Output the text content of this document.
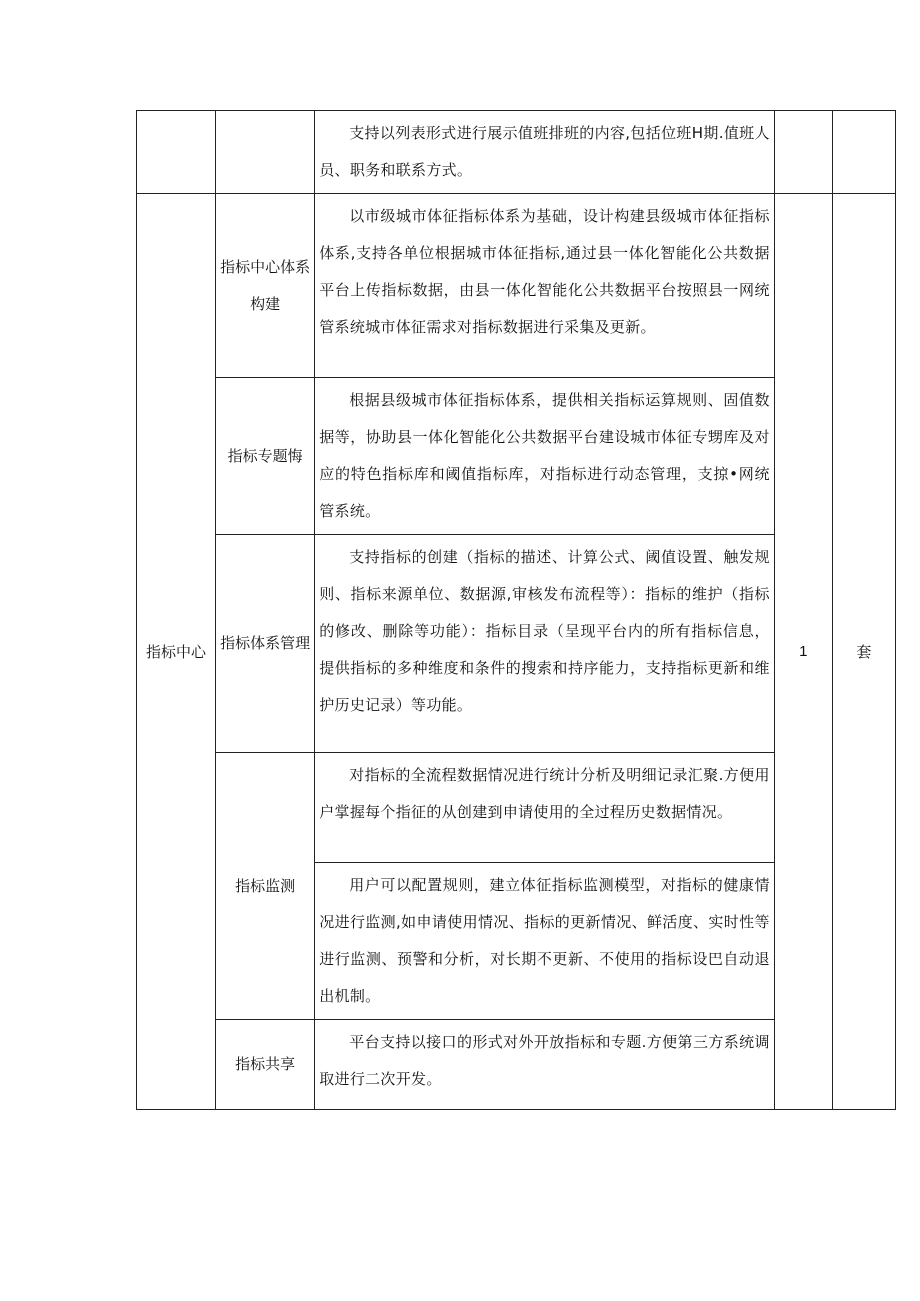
		支持以列表形式进行展示值班排班的内容,包括位班H期.值班人员、职务和联系方式。		

指标中心	指标中心体系构建	以市级城市体征指标体系为基础，设计构建县级城市体征指标体系,支持各单位根据城市体征指标,通过县一体化智能化公共数据平台上传指标数据，由县一体化智能化公共数据平台按照县一网统管系统城市体征需求对指标数据进行采集及更新。	1	套
	指标专题悔	根据县级城市体征指标体系，提供相关指标运算规则、固值数据等，协助县一体化智能化公共数据平台建设城市体征专甥库及对应的特色指标库和阈值指标库，对指标进行动态管理，支掠•网统管系统。		

	指标体系管理	支持指标的创建（指标的描述、计算公式、阈值设置、触发规则、指标来源单位、数据源,审核发布流程等）：指标的维护（指标的修改、删除等功能）：指标目录（呈现平台内的所有指标信息，提供指标的多种维度和条件的搜索和持序能力，支持指标更新和维护历史记录）等功能。		

	指标监测	对指标的全流程数据情况进行统计分析及明细记录汇聚.方便用户掌握每个指征的从创建到申请使用的全过程历史数据情况。		

		用户可以配置规则，建立体征指标监测模型，对指标的健康情况进行监测,如申请使用情况、指标的更新情况、鲜活度、实时性等进行监测、预警和分析，对长期不更新、不使用的指标设巴自动退出机制。		

	指标共享	平台支持以接口的形式对外开放指标和专题.方便第三方系统调取进行二次开发。		
